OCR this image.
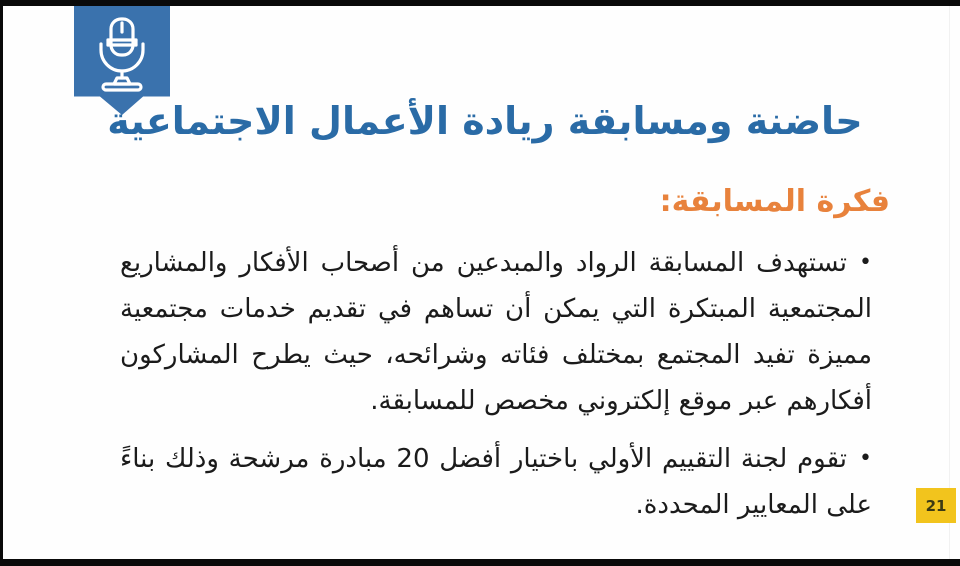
حاضنة ومسابقة ريادة الأعمال الاجتماعية
فكرة المسابقة:

•تستهدف المسابقة الرواد والمبدعين من أصحاب الأفكار والمشاريع المجتمعية المبتكرة التي يمكن أن تساهم في تقديم خدمات مجتمعية مميزة تفيد المجتمع بمختلف فئاته وشرائحه، حيث يطرح المشاركون أفكارهم عبر موقع إلكتروني مخصص للمسابقة.

•تقوم لجنة التقييم الأولي باختيار أفضل 20 مبادرة مرشحة وذلك بناءً على المعايير المحددة.	21
